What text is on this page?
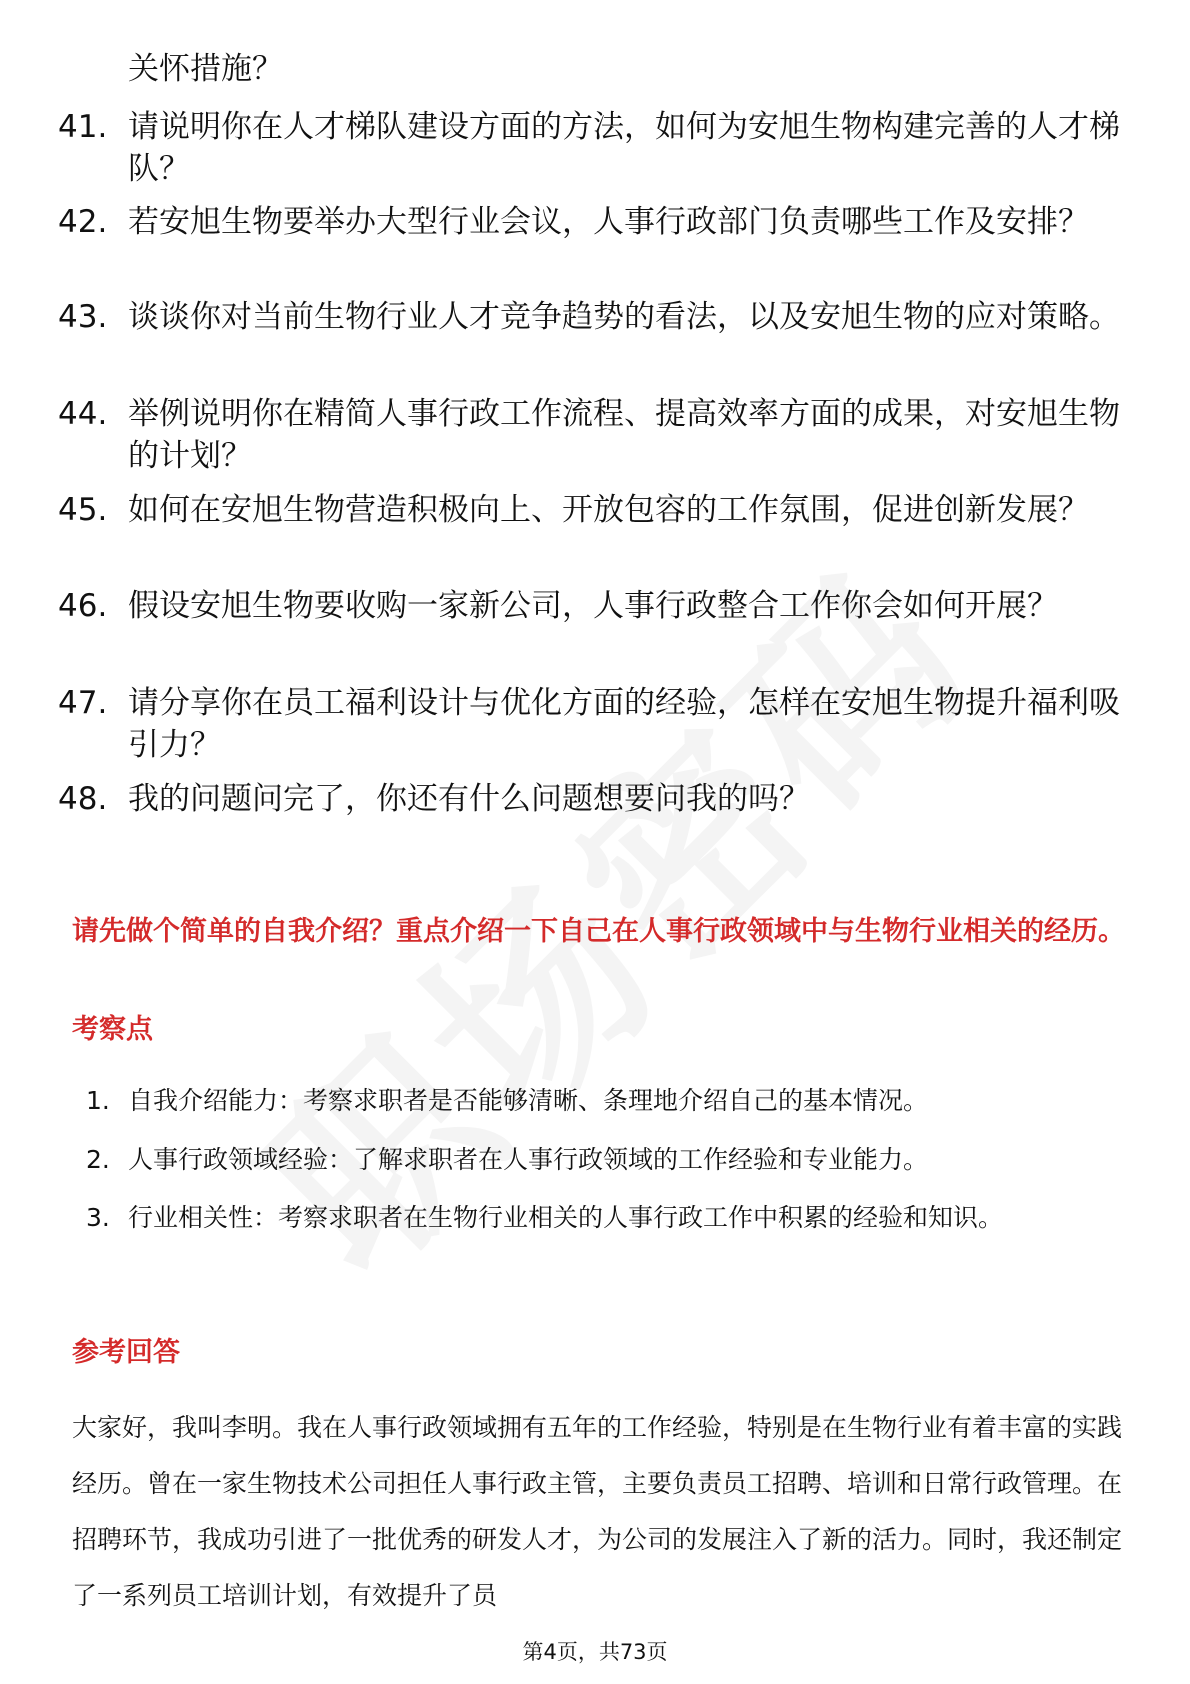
关怀措施？
41. 请说明你在人才梯队建设方面的方法，如何为安旭生物构建完善的人才梯队？
42. 若安旭生物要举办大型行业会议，人事行政部门负责哪些工作及安排？
43. 谈谈你对当前生物行业人才竞争趋势的看法，以及安旭生物的应对策略。
44. 举例说明你在精简人事行政工作流程、提高效率方面的成果，对安旭生物的计划？
45. 如何在安旭生物营造积极向上、开放包容的工作氛围，促进创新发展？
46. 假设安旭生物要收购一家新公司，人事行政整合工作你会如何开展？
47. 请分享你在员工福利设计与优化方面的经验，怎样在安旭生物提升福利吸引力？
48. 我的问题问完了，你还有什么问题想要问我的吗？
请先做个简单的自我介绍？重点介绍一下自己在人事行政领域中与生物行业相关的经历。
考察点
1. 自我介绍能力：考察求职者是否能够清晰、条理地介绍自己的基本情况。
2. 人事行政领域经验：了解求职者在人事行政领域的工作经验和专业能力。
3. 行业相关性：考察求职者在生物行业相关的人事行政工作中积累的经验和知识。
参考回答
大家好，我叫李明。我在人事行政领域拥有五年的工作经验，特别是在生物行业有着丰富的实践经历。曾在一家生物技术公司担任人事行政主管，主要负责员工招聘、培训和日常行政管理。在招聘环节，我成功引进了一批优秀的研发人才，为公司的发展注入了新的活力。同时，我还制定了一系列员工培训计划，有效提升了员
第4页，共73页
